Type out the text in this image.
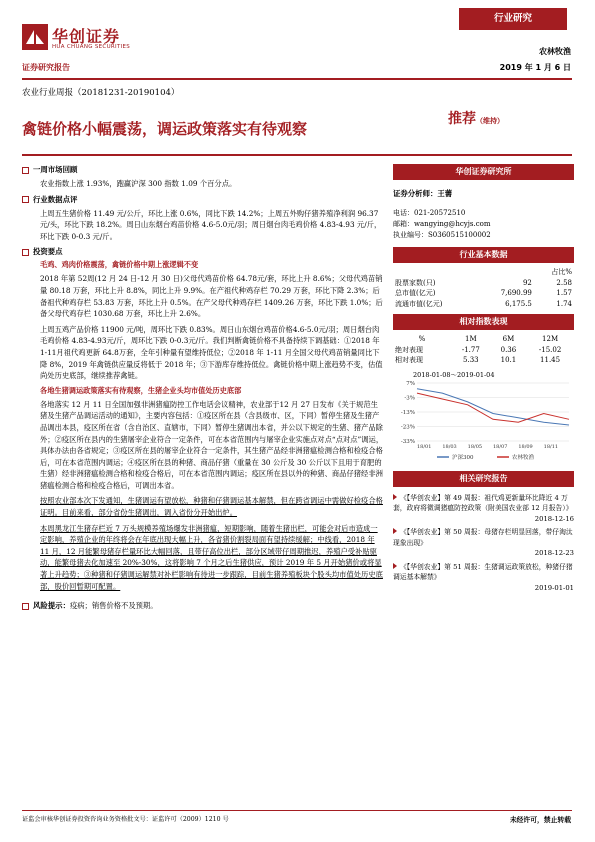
华创证券
HUA CHUANG SECURITIES
证券研究报告
行业研究
农林牧渔
2019 年 1 月 6 日
农业行业周报（20181231-20190104）
禽链价格小幅震荡，调运政策落实有待观察
推荐（维持）
一周市场回顾
农业指数上涨 1.93%，跑赢沪深 300 指数 1.09 个百分点。
行业数据点评
上周五生猪价格 11.49 元/公斤，环比上涨 0.6%，同比下跌 14.2%；上周五外购仔猪养殖净利润 96.37元/头，环比下跌 18.2%。周日山东烟台鸡苗价格 4.6-5.0元/羽；周日烟台肉毛鸡价格 4.83-4.93 元/斤，环比下跌 0-0.3 元/斤。
投资要点
毛鸡、鸡肉价格震荡，禽链价格中期上涨逻辑不变
2018 年第 52周(12 月 24 日-12 月 30 日)父母代鸡苗价格 64.78元/套，环比上升 8.6%；父母代鸡苗销量 80.18 万套，环比上升 8.8%，同比上升 9.9%。在产祖代种鸡存栏 70.29 万套，环比下降 2.3%；后备祖代种鸡存栏 53.83 万套，环比上升 0.5%。在产父母代种鸡存栏 1409.26 万套，环比下跌 1.0%；后备父母代鸡存栏 1030.68 万套，环比上升 2.6%。
上周五鸡产品价格 11900 元/吨，周环比下跌 0.83%。周日山东烟台鸡苗价格4.6-5.0元/羽；周日烟台肉毛鸡价格 4.83-4.93元/斤，周环比下跌 0-0.3元/斤。我们判断禽链价格不具备持续下调基础：①2018 年 1-11月祖代鸡更新 64.8万套，全年引种量有望维持低位；②2018 年 1-11 月全国父母代鸡苗销量同比下降 8%，2019 年禽链供应量反将低于 2018 年；③下游库存维持低位。禽链价格中期上涨趋势不变，估值尚处历史底部，继续推荐禽链。
各地生猪调运政策落实有待观察，生猪企业头均市值处历史底部
各地落实 12 月 11 日全国加强非洲猪瘟防控工作电话会议精神，农业部于12 月 27 日发布《关于规范生猪及生猪产品调运活动的通知》，主要内容包括：①疫区所在县（含县级市、区，下同）暂停生猪及生猪产品调出本县，疫区所在省（含自治区、直辖市，下同）暂停生猪调出本省，并公以下规定的生猪、猪产品除外；②疫区所在县内的生猪屠宰企业符合一定条件，可在本省范围内与屠宰企业实施点对点“点对点”调运，具体办法由各省规定；③疫区所在县的屠宰企业符合一定条件，其生猪产品经非洲猪瘟检测合格和检疫合格后，可在本省范围内调运；④疫区所在县的种猪、商品仔猪（重量在 30 公斤及 30 公斤以下且用于育肥的生猪）经非洲猪瘟检测合格和检疫合格后，可在本省范围内调运；疫区所在县以外的种猪、商品仔猪经非洲猪瘟检测合格和检疫合格后，可调出本省。
按照农业部本次下发通知，生猪调运有望放松，种猪和仔猪调运基本解禁，但在跨省调运中需做好检疫合格证明。目前来看，部分省份生猪调出，调入省份分开始出炉。
本周黑龙江生猪存栏近 7 万头规模养殖场爆发非洲猪瘟，短期影响，随着生猪出栏，可能会对后市造成一定影响，养殖企业的年终将会在年底出现大幅上升，各省猪价割裂局面有望持续缓解；中线看，2018 年 11 月，12 月能繁母猪存栏量环比大幅回落，且带仔高位出栏，部分区域带仔周期推迟，养殖户受补贴驱动，能繁母猪去化加速至 20%-30%，这将影响 7 个月之后生猪供应，预计 2019 年 5 月开始猪价或将显著上升趋势；③种猪和仔猪调运解禁对补栏影响有待进一步跟踪，目前生猪养殖板块个股头均市值处历史底部，股价回暂期可配置。
风险提示：疫病；销售价格不及预期。
华创证券研究所
证券分析师：王薷
电话：021-20572510
邮箱：wangying@hcyjs.com
执业编号：S0360515100002
行业基本数据
		占比%
股票家数(只)	92	2.58
总市值(亿元)	7,690.99	1.57
流通市值(亿元)	6,175.5	1.74
相对指数表现
%	1M	6M	12M
绝对表现	-1.77	0.36	-15.02
相对表现	5.33	10.1	11.45
2018-01-08～2019-01-04
7%
-3%
-13%
-23%
-33%
18/01 18/03 18/05 18/07 18/09 18/11
沪深300	农林牧渔
相关研究报告
《【华创农业】第 49 周报：祖代鸡更新量环比降近 4 万套，政府将微调猪瘟防控政策（附美国农业部 12 月报告）》
2018-12-16
《【华创农业】第 50 周报：母猪存栏明显回落，带仔淘汰现象出现》
2018-12-23
《【华创农业】第 51 周报：生猪调运政策放松，种猪仔猪调运基本解禁》
2019-01-01
证监会审核华创证券投资咨询业务资格批文号：证监许可（2009）1210 号	未经许可，禁止转载
